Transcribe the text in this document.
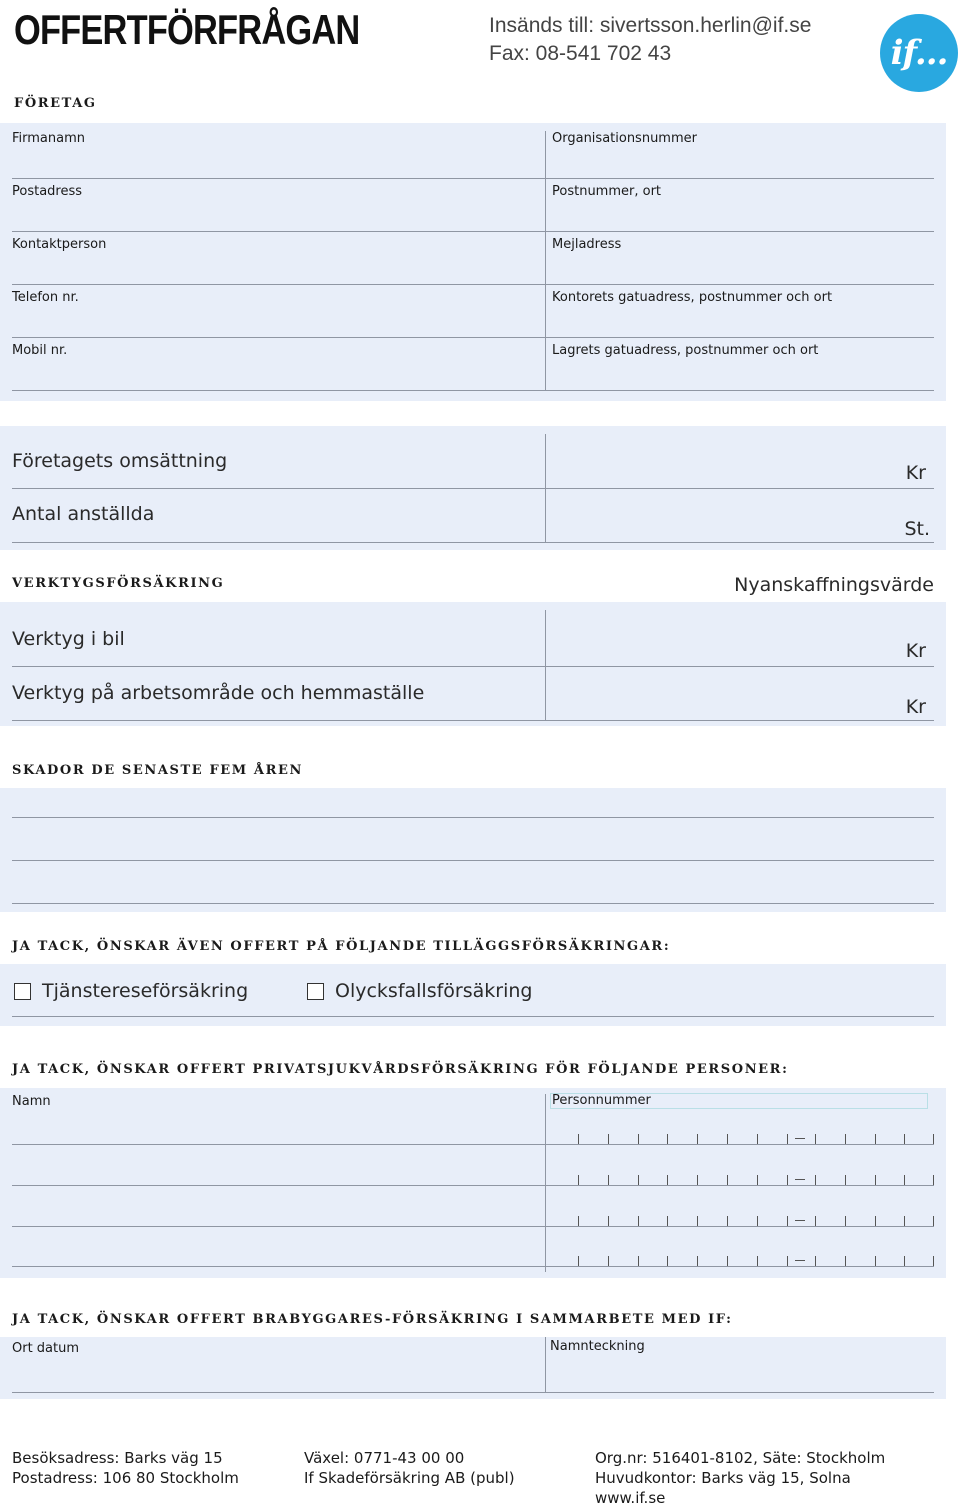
OFFERTFÖRFRÅGAN	Insänds till: sivertsson.herlin@if.se
Fax: 08-541 702 43	if...
FÖRETAG
Firmanamn	Organisationsnummer
Postadress	Postnummer, ort
Kontaktperson	Mejladress
Telefon nr.	Kontorets gatuadress, postnummer och ort
Mobil nr.	Lagrets gatuadress, postnummer och ort
Företagets omsättning
Kr
Antal anställda
St.
VERKTYGSFÖRSÄKRING	Nyanskaffningsvärde
Verktyg i bil
Kr
Verktyg på arbetsområde och hemmaställe
Kr
SKADOR DE SENASTE FEM ÅREN
JA TACK, ÖNSKAR ÄVEN OFFERT PÅ FÖLJANDE TILLÄGGSFÖRSÄKRINGAR:
Tjänstereseförsäkring	Olycksfallsförsäkring
JA TACK, ÖNSKAR OFFERT PRIVATSJUKVÅRDSFÖRSÄKRING FÖR FÖLJANDE PERSONER:
Namn	Personnummer
JA TACK, ÖNSKAR OFFERT BRABYGGARES-FÖRSÄKRING I SAMMARBETE MED IF:
Ort datum	Namnteckning
Besöksadress: Barks väg 15
Postadress: 106 80 Stockholm
Växel: 0771-43 00 00
If Skadeförsäkring AB (publ)
Org.nr: 516401-8102, Säte: Stockholm
Huvudkontor: Barks väg 15, Solna
www.if.se
